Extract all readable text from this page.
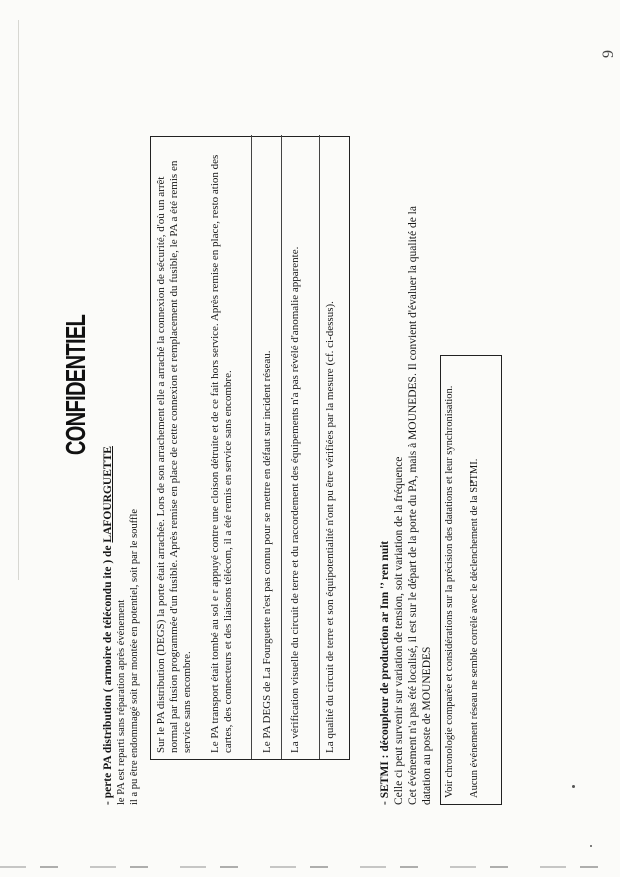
9
CONFIDENTIEL
- perte PA distribution ( armoire de télécondu ite ) de LAFOURGUETTE
le PA est reparti sans réparation après événement il a pu être endommagé soit par montée en potentiel, soit par le souffle Sur le PA distribution (DEGS) la porte était arrachée. Lors de son arrachement elle a arraché la connexion de sécurité, d'où un arrêt normal par fusion programmée d'un fusible. Après remise en place de cette connexion et remplacement du fusible, le PA a été remis en service sans encombre. Le PA transport était tombé au sol e r appuyé contre une cloison détruite et de ce fait hors service. Après remise en place, resto ation des cartes, des connecteurs et des liaisons télécom, il a été remis en service sans encombre. Le PA DEGS de La Fourguette n'est pas connu pour se mettre en défaut sur incident réseau. La vérification visuelle du circuit de terre et du raccordement des équipements n'a pas révélé d'anomalie apparente. La qualité du circuit de terre et son équipotentialité n'ont pu être vérifiées par la mesure (cf. ci-dessus).	- SETMI : découpleur de production ar Inn '’ ren nuit Celle ci peut survenir sur variation de tension, soit variation de la fréquence Cet événement n'a pas été localisé, il est sur le départ de la porte du PA, mais à MOUNEDES. Il convient d'évaluer la qualité de la datation au poste de MOUNEDES Voir chronologie comparée et considérations sur la précision des datations et leur synchronisation. Aucun événement réseau ne semble corrélé avec le déclenchement de la SETMI.
